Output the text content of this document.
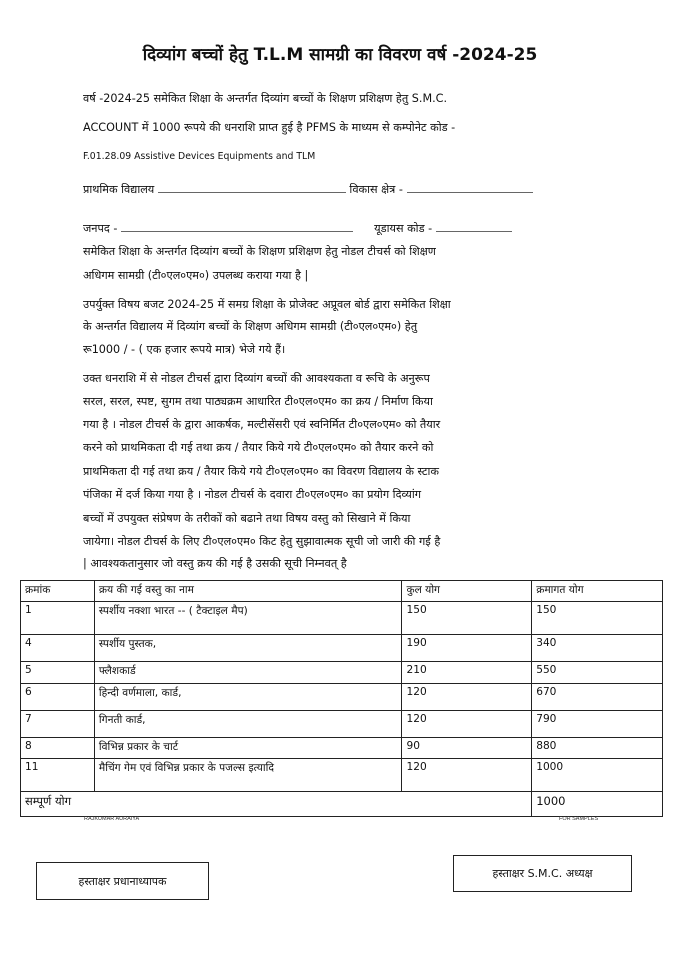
दिव्यांग बच्चों हेतु T.L.M सामग्री का विवरण वर्ष -2024-25
वर्ष -2024-25 समेकित शिक्षा के अन्तर्गत दिव्यांग बच्चों के शिक्षण प्रशिक्षण हेतु S.M.C.
ACCOUNT में 1000 रूपये की धनराशि प्राप्त हुई है PFMS के माध्यम से कम्पोनेट कोड -
F.01.28.09 Assistive Devices Equipments and TLM
प्राथमिक विद्यालय	विकास क्षेत्र -
जनपद -	यूडायस कोड -
समेकित शिक्षा के अन्तर्गत दिव्यांग बच्चों के शिक्षण प्रशिक्षण हेतु नोडल टीचर्स को शिक्षण
अधिगम सामग्री (टी०एल०एम०) उपलब्ध कराया गया है |
उपर्युक्त विषय बजट 2024-25 में समग्र शिक्षा के प्रोजेक्ट अप्रूवल बोर्ड द्वारा समेकित शिक्षा
के अन्तर्गत विद्यालय में दिव्यांग बच्चों के शिक्षण अधिगम सामग्री (टी०एल०एम०) हेतु
रू1000 / - ( एक हजार रूपये मात्र) भेजे गये हैं।
उक्त धनराशि में से नोडल टीचर्स द्वारा दिव्यांग बच्चों की आवश्यकता व रूचि के अनुरूप
सरल, सरल, स्पष्ट, सुगम तथा पाठ्यक्रम आधारित टी०एल०एम० का क्रय / निर्माण किया
गया है । नोडल टीचर्स के द्वारा आकर्षक, मल्टीसेंसरी एवं स्वनिर्मित टी०एल०एम० को तैयार
करने को प्राथमिकता दी गई तथा क्रय / तैयार किये गये टी०एल०एम० को तैयार करने को
प्राथमिकता दी गई तथा क्रय / तैयार किये गये टी०एल०एम० का विवरण विद्यालय के स्टाक
पंजिका में दर्ज किया गया है । नोडल टीचर्स के दवारा टी०एल०एम० का प्रयोग दिव्यांग
बच्चों में उपयुक्त संप्रेषण के तरीकों को बढाने तथा विषय वस्तु को सिखाने में किया
जायेगा। नोडल टीचर्स के लिए टी०एल०एम० किट हेतु सुझावात्मक सूची जो जारी की गई है
| आवश्यकतानुसार जो वस्तु क्रय की गई है उसकी सूची निम्नवत् है
क्रमांक	क्रय की गई वस्तु का नाम	कुल योग	क्रमागत योग
1	स्पर्शीय नक्शा भारत -- ( टैक्टाइल मैप)	150	150
4	स्पर्शीय पुस्तक,	190	340
5	फ्लैशकार्ड	210	550
6	हिन्दी वर्णमाला, कार्ड,	120	670
7	गिनती कार्ड,	120	790
8	विभिन्न प्रकार के चार्ट	90	880
11	मैचिंग गेम एवं विभिन्न प्रकार के पजल्स इत्यादि	120	1000
सम्पूर्ण योग			1000
RAJKUMAR AURAIYA	FOR SAMPLES
हस्ताक्षर प्रधानाध्यापक
हस्ताक्षर S.M.C. अध्यक्ष
